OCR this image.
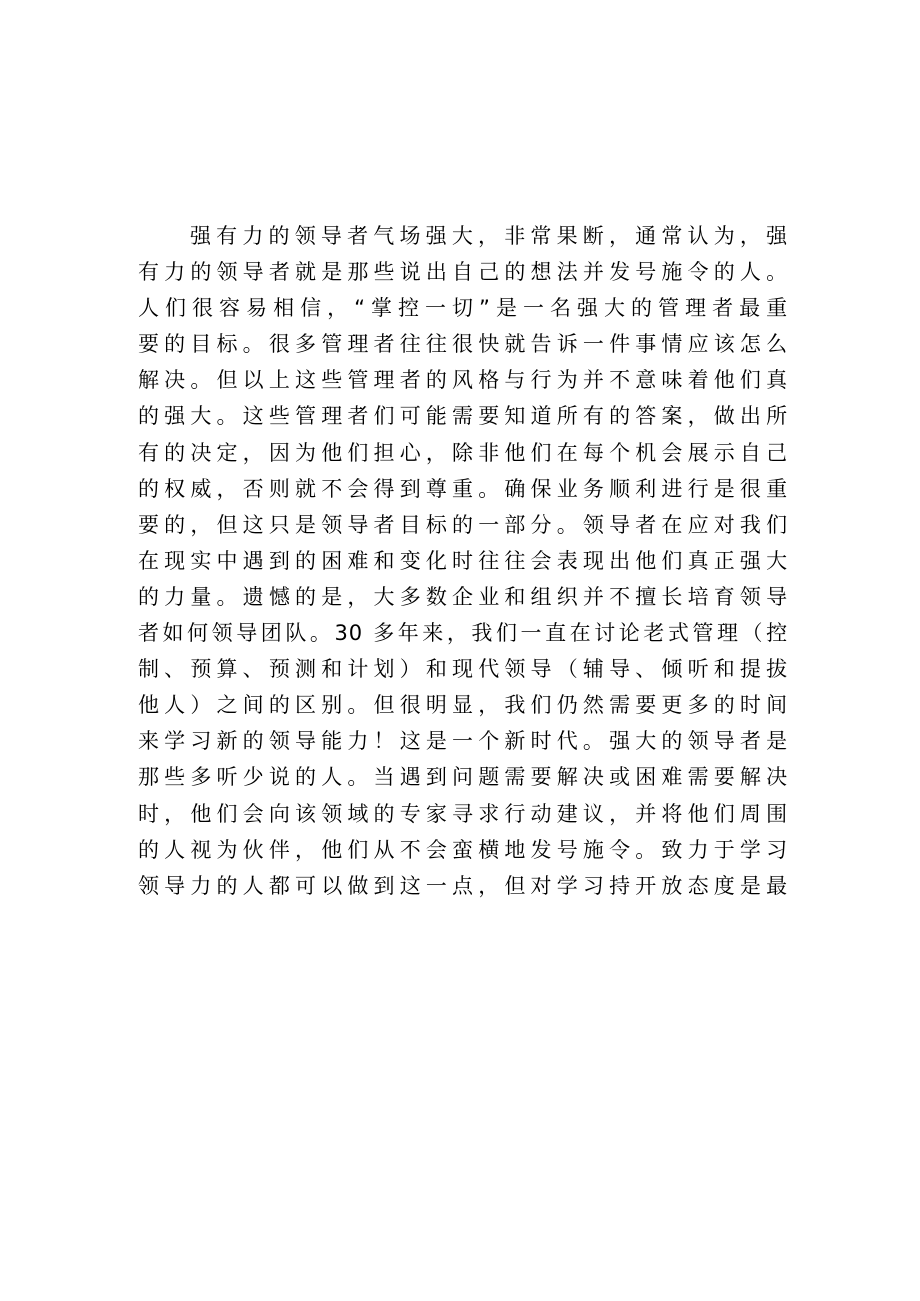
强有力的领导者气场强大，非常果断，通常认为，强
有力的领导者就是那些说出自己的想法并发号施令的人。
人们很容易相信，“掌控一切”是一名强大的管理者最重
要的目标。很多管理者往往很快就告诉一件事情应该怎么
解决。但以上这些管理者的风格与行为并不意味着他们真
的强大。这些管理者们可能需要知道所有的答案，做出所
有的决定，因为他们担心，除非他们在每个机会展示自己
的权威，否则就不会得到尊重。确保业务顺利进行是很重
要的，但这只是领导者目标的一部分。领导者在应对我们
在现实中遇到的困难和变化时往往会表现出他们真正强大
的力量。遗憾的是，大多数企业和组织并不擅长培育领导
者如何领导团队。30 多年来，我们一直在讨论老式管理（控
制、预算、预测和计划）和现代领导（辅导、倾听和提拔
他人）之间的区别。但很明显，我们仍然需要更多的时间
来学习新的领导能力！这是一个新时代。强大的领导者是
那些多听少说的人。当遇到问题需要解决或困难需要解决
时，他们会向该领域的专家寻求行动建议，并将他们周围
的人视为伙伴，他们从不会蛮横地发号施令。致力于学习
领导力的人都可以做到这一点，但对学习持开放态度是最
